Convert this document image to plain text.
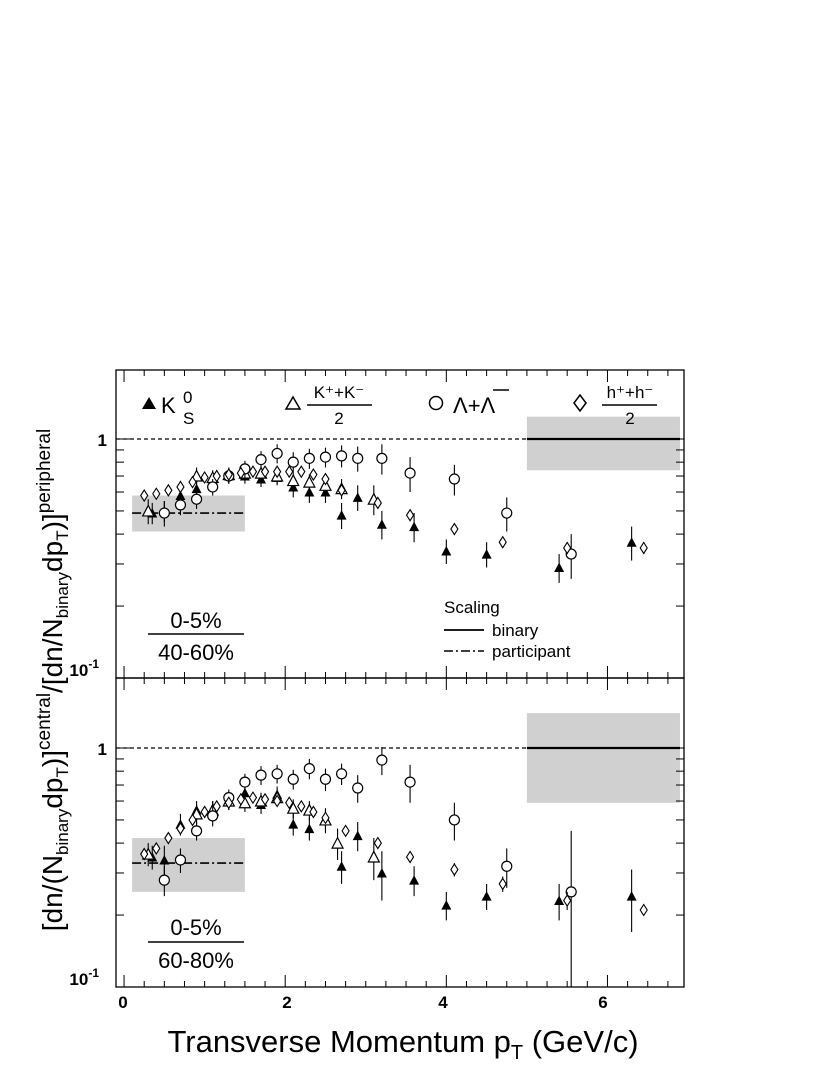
K 0
S
K⁺+K⁻
2
Λ+Λ
h⁺+h⁻
2
Scaling
binary
participant
0-5%
40-60%
0-5%
60-80%
0	2	4	6
Transverse Momentum $p_T$ (GeV/c)
1
$10^{-1}$
1
$10^{-1}$
$[dn/(N_{binary}dp_T)]^{central}/[dn/N_{binary}dp_T)]^{peripheral}$
